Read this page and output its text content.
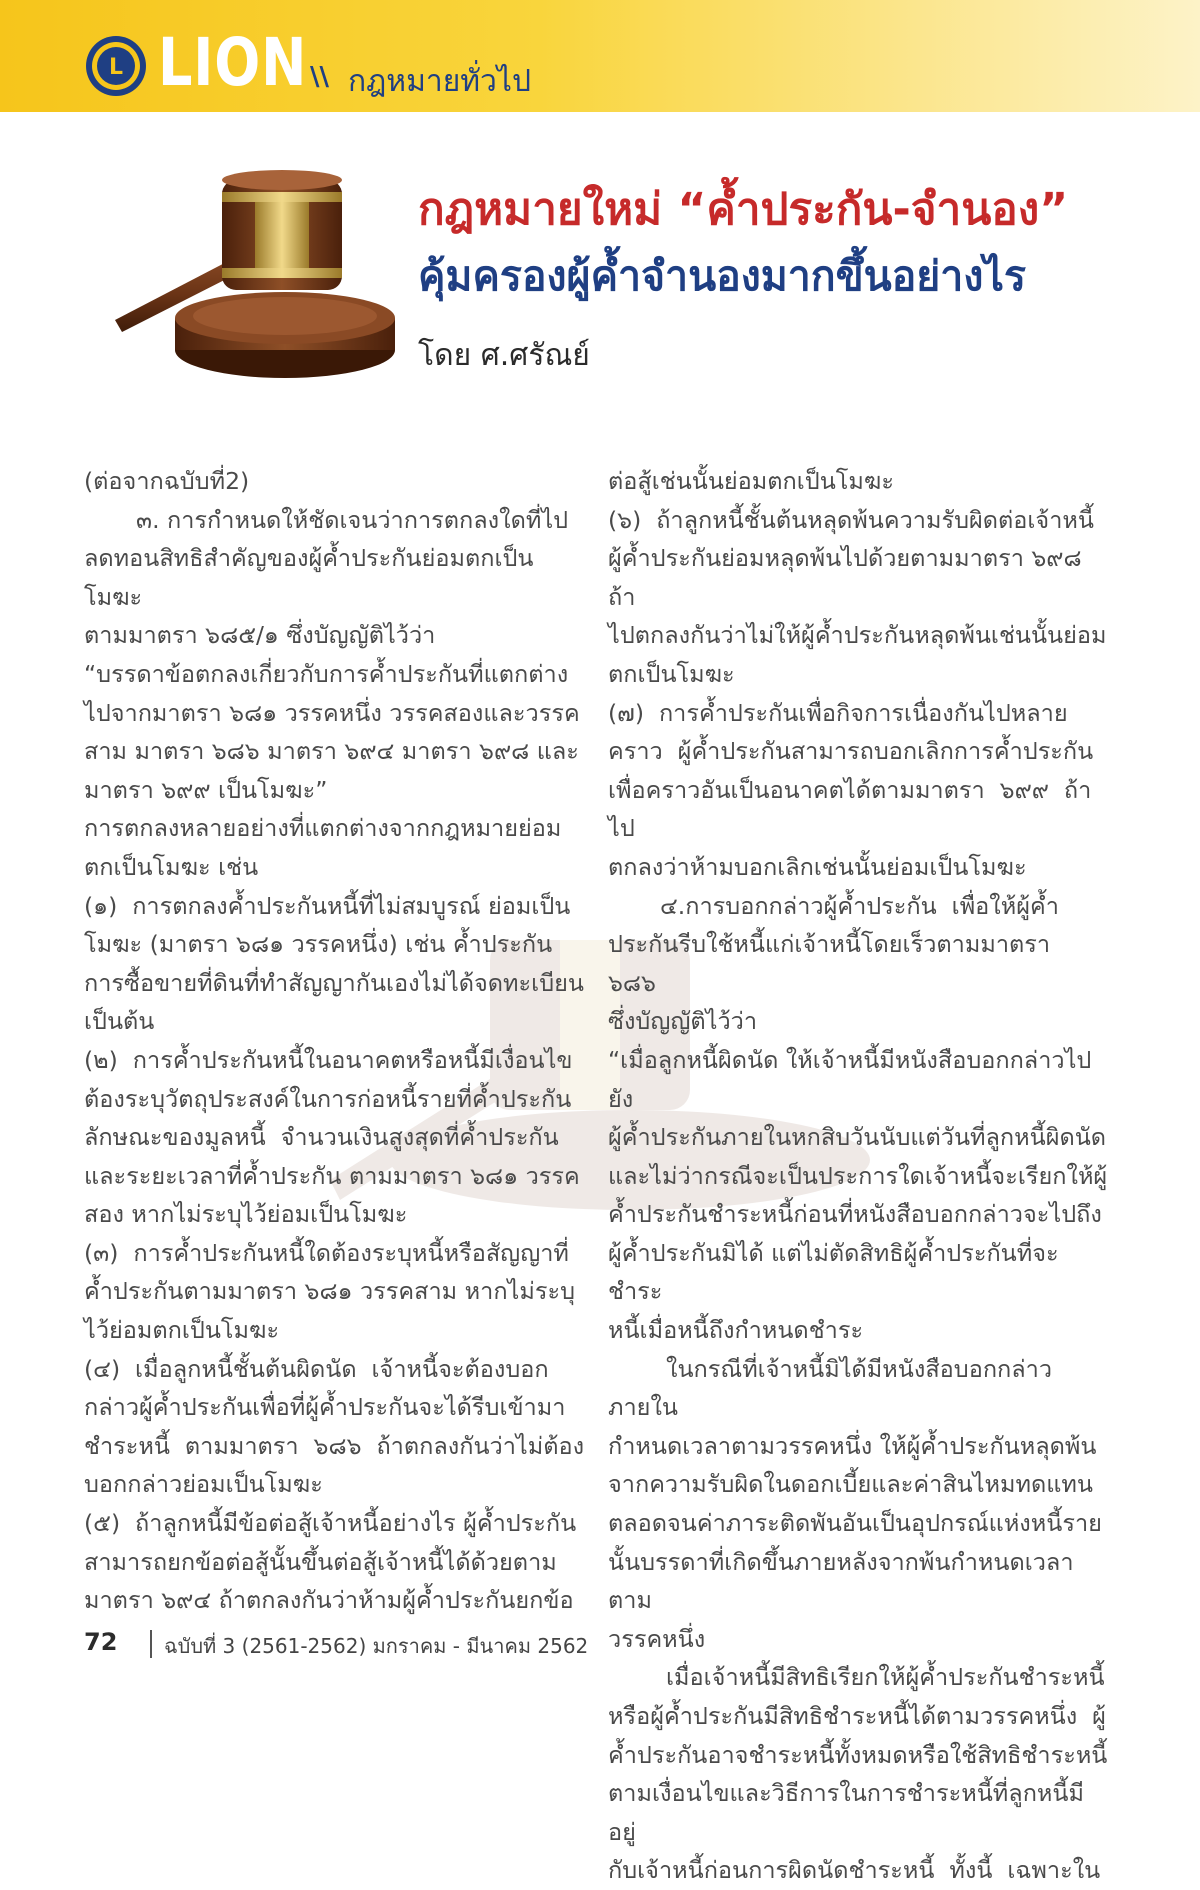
L LION \\ กฎหมายทั่วไป
กฎหมายใหม่ “ค้ำประกัน-จำนอง”
คุ้มครองผู้ค้ำจำนองมากขึ้นอย่างไร
โดย ศ.ศรัณย์

(ต่อจากฉบับที่2)

๓. การกำหนดให้ชัดเจนว่าการตกลงใดที่ไป

ลดทอนสิทธิสำคัญของผู้ค้ำประกันย่อมตกเป็นโมฆะ

ตามมาตรา ๖๘๕/๑ ซึ่งบัญญัติไว้ว่า

“บรรดาข้อตกลงเกี่ยวกับการค้ำประกันที่แตกต่าง

ไปจากมาตรา ๖๘๑ วรรคหนึ่ง วรรคสองและวรรค

สาม มาตรา ๖๘๖ มาตรา ๖๙๔ มาตรา ๖๙๘ และ

มาตรา ๖๙๙ เป็นโมฆะ”

การตกลงหลายอย่างที่แตกต่างจากกฎหมายย่อม

ตกเป็นโมฆะ เช่น

(๑)  การตกลงค้ำประกันหนี้ที่ไม่สมบูรณ์ ย่อมเป็น

โมฆะ (มาตรา ๖๘๑ วรรคหนึ่ง) เช่น ค้ำประกัน

การซื้อขายที่ดินที่ทำสัญญากันเองไม่ได้จดทะเบียน

เป็นต้น

(๒)  การค้ำประกันหนี้ในอนาคตหรือหนี้มีเงื่อนไข

ต้องระบุวัตถุประสงค์ในการก่อหนี้รายที่ค้ำประกัน

ลักษณะของมูลหนี้  จำนวนเงินสูงสุดที่ค้ำประกัน

และระยะเวลาที่ค้ำประกัน ตามมาตรา ๖๘๑ วรรค

สอง หากไม่ระบุไว้ย่อมเป็นโมฆะ

(๓)  การค้ำประกันหนี้ใดต้องระบุหนี้หรือสัญญาที่

ค้ำประกันตามมาตรา ๖๘๑ วรรคสาม หากไม่ระบุ

ไว้ย่อมตกเป็นโมฆะ

(๔)  เมื่อลูกหนี้ชั้นต้นผิดนัด  เจ้าหนี้จะต้องบอก

กล่าวผู้ค้ำประกันเพื่อที่ผู้ค้ำประกันจะได้รีบเข้ามา

ชำระหนี้  ตามมาตรา  ๖๘๖  ถ้าตกลงกันว่าไม่ต้อง

บอกกล่าวย่อมเป็นโมฆะ

(๕)  ถ้าลูกหนี้มีข้อต่อสู้เจ้าหนี้อย่างไร ผู้ค้ำประกัน

สามารถยกข้อต่อสู้นั้นขึ้นต่อสู้เจ้าหนี้ได้ด้วยตาม

มาตรา ๖๙๔ ถ้าตกลงกันว่าห้ามผู้ค้ำประกันยกข้อ

ต่อสู้เช่นนั้นย่อมตกเป็นโมฆะ

(๖)  ถ้าลูกหนี้ชั้นต้นหลุดพ้นความรับผิดต่อเจ้าหนี้

ผู้ค้ำประกันย่อมหลุดพ้นไปด้วยตามมาตรา ๖๙๘ ถ้า

ไปตกลงกันว่าไม่ให้ผู้ค้ำประกันหลุดพ้นเช่นนั้นย่อม

ตกเป็นโมฆะ

(๗)  การค้ำประกันเพื่อกิจการเนื่องกันไปหลาย

คราว  ผู้ค้ำประกันสามารถบอกเลิกการค้ำประกัน

เพื่อคราวอันเป็นอนาคตได้ตามมาตรา  ๖๙๙  ถ้าไป

ตกลงว่าห้ามบอกเลิกเช่นนั้นย่อมเป็นโมฆะ

๔.การบอกกล่าวผู้ค้ำประกัน  เพื่อให้ผู้ค้ำ

ประกันรีบใช้หนี้แก่เจ้าหนี้โดยเร็วตามมาตรา  ๖๘๖

ซึ่งบัญญัติไว้ว่า

“เมื่อลูกหนี้ผิดนัด ให้เจ้าหนี้มีหนังสือบอกกล่าวไปยัง

ผู้ค้ำประกันภายในหกสิบวันนับแต่วันที่ลูกหนี้ผิดนัด

และไม่ว่ากรณีจะเป็นประการใดเจ้าหนี้จะเรียกให้ผู้

ค้ำประกันชำระหนี้ก่อนที่หนังสือบอกกล่าวจะไปถึง

ผู้ค้ำประกันมิได้ แต่ไม่ตัดสิทธิผู้ค้ำประกันที่จะชำระ

หนี้เมื่อหนี้ถึงกำหนดชำระ

ในกรณีที่เจ้าหนี้มิได้มีหนังสือบอกกล่าวภายใน

กำหนดเวลาตามวรรคหนึ่ง ให้ผู้ค้ำประกันหลุดพ้น

จากความรับผิดในดอกเบี้ยและค่าสินไหมทดแทน

ตลอดจนค่าภาระติดพันอันเป็นอุปกรณ์แห่งหนี้ราย

นั้นบรรดาที่เกิดขึ้นภายหลังจากพ้นกำหนดเวลาตาม

วรรคหนึ่ง

เมื่อเจ้าหนี้มีสิทธิเรียกให้ผู้ค้ำประกันชำระหนี้

หรือผู้ค้ำประกันมีสิทธิชำระหนี้ได้ตามวรรคหนึ่ง  ผู้

ค้ำประกันอาจชำระหนี้ทั้งหมดหรือใช้สิทธิชำระหนี้

ตามเงื่อนไขและวิธีการในการชำระหนี้ที่ลูกหนี้มีอยู่

กับเจ้าหนี้ก่อนการผิดนัดชำระหนี้  ทั้งนี้  เฉพาะใน

72 ฉบับที่ 3 (2561-2562) มกราคม - มีนาคม 2562
